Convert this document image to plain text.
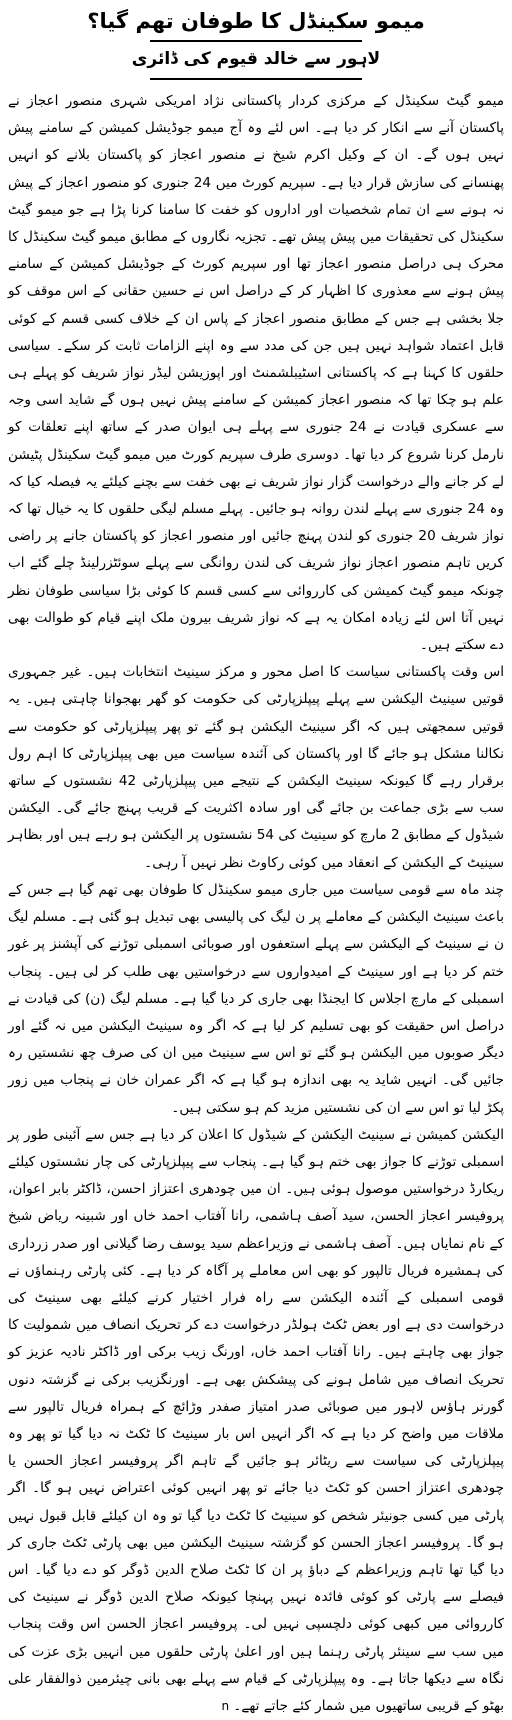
میمو سکینڈل کا طوفان تھم گیا؟
لاہور سے خالد قیوم کی ڈائری

میمو گیٹ سکینڈل کے مرکزی کردار پاکستانی نژاد امریکی شہری منصور اعجاز نے پاکستان آنے سے انکار کر دیا ہے۔ اس لئے وہ آج میمو جوڈیشل کمیشن کے سامنے پیش نہیں ہوں گے۔ ان کے وکیل اکرم شیخ نے منصور اعجاز کو پاکستان بلانے کو انہیں پھنسانے کی سازش قرار دیا ہے۔ سپریم کورٹ میں 24 جنوری کو منصور اعجاز کے پیش نہ ہونے سے ان تمام شخصیات اور اداروں کو خفت کا سامنا کرنا پڑا ہے جو میمو گیٹ سکینڈل کی تحقیقات میں پیش پیش تھے۔ تجزیہ نگاروں کے مطابق میمو گیٹ سکینڈل کا محرک ہی دراصل منصور اعجاز تھا اور سپریم کورٹ کے جوڈیشل کمیشن کے سامنے پیش ہونے سے معذوری کا اظہار کر کے دراصل اس نے حسین حقانی کے اس موقف کو جلا بخشی ہے جس کے مطابق منصور اعجاز کے پاس ان کے خلاف کسی قسم کے کوئی قابل اعتماد شواہد نہیں ہیں جن کی مدد سے وہ اپنے الزامات ثابت کر سکے۔ سیاسی حلقوں کا کہنا ہے کہ پاکستانی اسٹیبلشمنٹ اور اپوزیشن لیڈر نواز شریف کو پہلے ہی علم ہو چکا تھا کہ منصور اعجاز کمیشن کے سامنے پیش نہیں ہوں گے شاید اسی وجہ سے عسکری قیادت نے 24 جنوری سے پہلے ہی ایوان صدر کے ساتھ اپنے تعلقات کو نارمل کرنا شروع کر دیا تھا۔ دوسری طرف سپریم کورٹ میں میمو گیٹ سکینڈل پٹیشن لے کر جانے والے درخواست گزار نواز شریف نے بھی خفت سے بچنے کیلئے یہ فیصلہ کیا کہ وہ 24 جنوری سے پہلے لندن روانہ ہو جائیں۔ پہلے مسلم لیگی حلقوں کا یہ خیال تھا کہ نواز شریف 20 جنوری کو لندن پہنچ جائیں اور منصور اعجاز کو پاکستان جانے پر راضی کریں تاہم منصور اعجاز نواز شریف کی لندن روانگی سے پہلے سوئٹزرلینڈ چلے گئے اب چونکہ میمو گیٹ کمیشن کی کارروائی سے کسی قسم کا کوئی بڑا سیاسی طوفان نظر نہیں آتا اس لئے زیادہ امکان یہ ہے کہ نواز شریف بیرون ملک اپنے قیام کو طوالت بھی دے سکتے ہیں۔

اس وقت پاکستانی سیاست کا اصل محور و مرکز سینیٹ انتخابات ہیں۔ غیر جمہوری قوتیں سینیٹ الیکشن سے پہلے پیپلزپارٹی کی حکومت کو گھر بھجوانا چاہتی ہیں۔ یہ قوتیں سمجھتی ہیں کہ اگر سینیٹ الیکشن ہو گئے تو پھر پیپلزپارٹی کو حکومت سے نکالنا مشکل ہو جائے گا اور پاکستان کی آئندہ سیاست میں بھی پیپلزپارٹی کا اہم رول برقرار رہے گا کیونکہ سینیٹ الیکشن کے نتیجے میں پیپلزپارٹی 42 نشستوں کے ساتھ سب سے بڑی جماعت بن جائے گی اور سادہ اکثریت کے قریب پہنچ جائے گی۔ الیکشن شیڈول کے مطابق 2 مارچ کو سینیٹ کی 54 نشستوں پر الیکشن ہو رہے ہیں اور بظاہر سینیٹ کے الیکشن کے انعقاد میں کوئی رکاوٹ نظر نہیں آ رہی۔

چند ماہ سے قومی سیاست میں جاری میمو سکینڈل کا طوفان بھی تھم گیا ہے جس کے باعث سینیٹ الیکشن کے معاملے پر ن لیگ کی پالیسی بھی تبدیل ہو گئی ہے۔ مسلم لیگ ن نے سینیٹ کے الیکشن سے پہلے استعفوں اور صوبائی اسمبلی توڑنے کی آپشنز پر غور ختم کر دیا ہے اور سینیٹ کے امیدواروں سے درخواستیں بھی طلب کر لی ہیں۔ پنجاب اسمبلی کے مارچ اجلاس کا ایجنڈا بھی جاری کر دیا گیا ہے۔ مسلم لیگ (ن) کی قیادت نے دراصل اس حقیقت کو بھی تسلیم کر لیا ہے کہ اگر وہ سینیٹ الیکشن میں نہ گئے اور دیگر صوبوں میں الیکشن ہو گئے تو اس سے سینیٹ میں ان کی صرف چھ نشستیں رہ جائیں گی۔ انہیں شاید یہ بھی اندازہ ہو گیا ہے کہ اگر عمران خان نے پنجاب میں زور پکڑ لیا تو اس سے ان کی نشستیں مزید کم ہو سکتی ہیں۔

الیکشن کمیشن نے سینیٹ الیکشن کے شیڈول کا اعلان کر دیا ہے جس سے آئینی طور پر اسمبلی توڑنے کا جواز بھی ختم ہو گیا ہے۔ پنجاب سے پیپلزپارٹی کی چار نشستوں کیلئے ریکارڈ درخواستیں موصول ہوئی ہیں۔ ان میں چودھری اعتزاز احسن، ڈاکٹر بابر اعوان، پروفیسر اعجاز الحسن، سید آصف ہاشمی، رانا آفتاب احمد خاں اور شبینہ ریاض شیخ کے نام نمایاں ہیں۔ آصف ہاشمی نے وزیراعظم سید یوسف رضا گیلانی اور صدر زرداری کی ہمشیرہ فریال تالپور کو بھی اس معاملے پر آگاہ کر دیا ہے۔ کئی پارٹی رہنماؤں نے قومی اسمبلی کے آئندہ الیکشن سے راہ فرار اختیار کرنے کیلئے بھی سینیٹ کی درخواست دی ہے اور بعض ٹکٹ ہولڈر درخواست دے کر تحریک انصاف میں شمولیت کا جواز بھی چاہتے ہیں۔ رانا آفتاب احمد خاں، اورنگ زیب برکی اور ڈاکٹر نادیہ عزیز کو تحریک انصاف میں شامل ہونے کی پیشکش بھی ہے۔ اورنگزیب برکی نے گزشتہ دنوں گورنر ہاؤس لاہور میں صوبائی صدر امتیاز صفدر وڑائچ کے ہمراہ فریال تالپور سے ملاقات میں واضح کر دیا ہے کہ اگر انہیں اس بار سینیٹ کا ٹکٹ نہ دیا گیا تو پھر وہ پیپلزپارٹی کی سیاست سے ریٹائر ہو جائیں گے تاہم اگر پروفیسر اعجاز الحسن یا چودھری اعتزاز احسن کو ٹکٹ دیا جائے تو پھر انہیں کوئی اعتراض نہیں ہو گا۔ اگر پارٹی میں کسی جونیئر شخص کو سینیٹ کا ٹکٹ دیا گیا تو وہ ان کیلئے قابل قبول نہیں ہو گا۔ پروفیسر اعجاز الحسن کو گزشتہ سینیٹ الیکشن میں بھی پارٹی ٹکٹ جاری کر دیا گیا تھا تاہم وزیراعظم کے دباؤ پر ان کا ٹکٹ صلاح الدین ڈوگر کو دے دیا گیا۔ اس فیصلے سے پارٹی کو کوئی فائدہ نہیں پہنچا کیونکہ صلاح الدین ڈوگر نے سینیٹ کی کارروائی میں کبھی کوئی دلچسپی نہیں لی۔ پروفیسر اعجاز الحسن اس وقت پنجاب میں سب سے سینئر پارٹی رہنما ہیں اور اعلیٰ پارٹی حلقوں میں انہیں بڑی عزت کی نگاہ سے دیکھا جاتا ہے۔ وہ پیپلزپارٹی کے قیام سے پہلے بھی بانی چیئرمین ذوالفقار علی بھٹو کے قریبی ساتھیوں میں شمار کئے جاتے تھے۔ n
